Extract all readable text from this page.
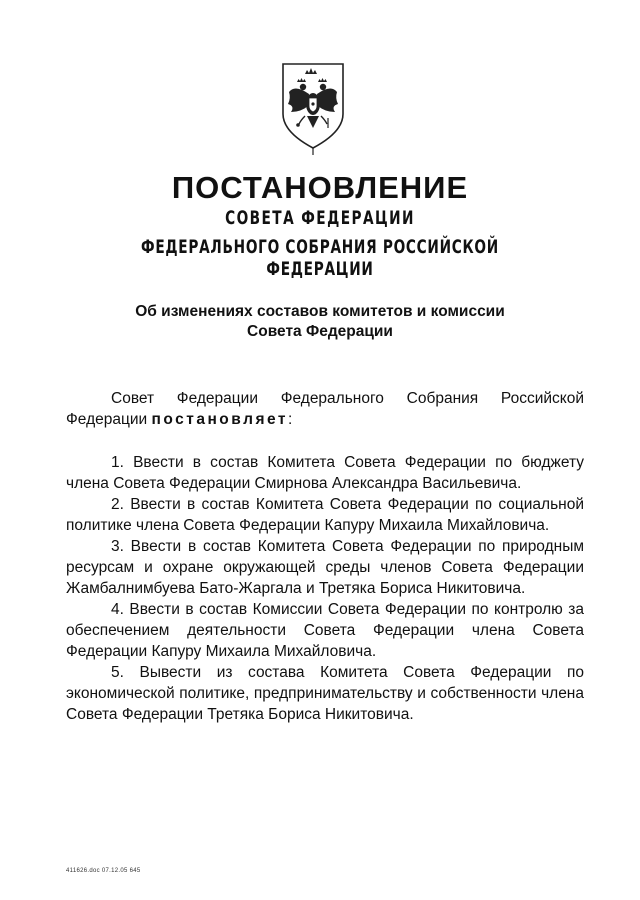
ПОСТАНОВЛЕНИЕ
СОВЕТА ФЕДЕРАЦИИ
ФЕДЕРАЛЬНОГО СОБРАНИЯ РОССИЙСКОЙ ФЕДЕРАЦИИ
Об изменениях составов комитетов и комиссии
Совета Федерации

Совет Федерации Федерального Собрания Российской Федерации постановляет:

1. Ввести в состав Комитета Совета Федерации по бюджету члена Совета Федерации Смирнова Александра Васильевича.

2. Ввести в состав Комитета Совета Федерации по социальной политике члена Совета Федерации Капуру Михаила Михайловича.

3. Ввести в состав Комитета Совета Федерации по природным ресурсам и охране окружающей среды членов Совета Федерации Жамбалнимбуева Бато-Жаргала и Третяка Бориса Никитовича.

4. Ввести в состав Комиссии Совета Федерации по контролю за обеспечением деятельности Совета Федерации члена Совета Федерации Капуру Михаила Михайловича.

5. Вывести из состава Комитета Совета Федерации по экономической политике, предпринимательству и собственности члена Совета Федерации Третяка Бориса Никитовича.

411626.doc 07.12.05 645
